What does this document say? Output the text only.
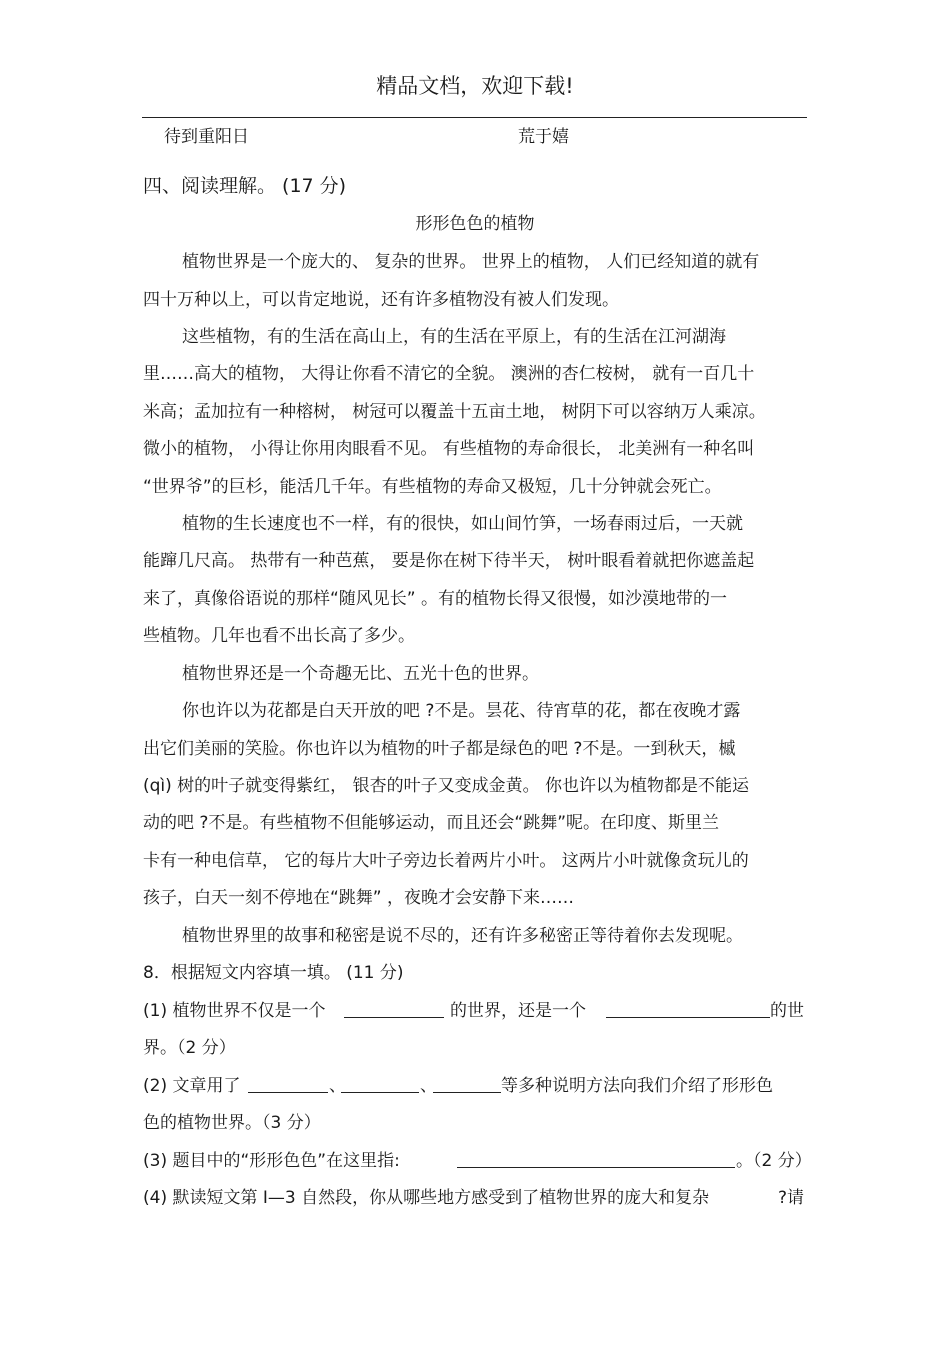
精品文档，欢迎下载!
待到重阳日	荒于嬉
四、阅读理解。 (17 分)
形形色色的植物
植物世界是一个庞大的、 复杂的世界。 世界上的植物， 人们已经知道的就有
四十万种以上，可以肯定地说，还有许多植物没有被人们发现。
这些植物，有的生活在高山上，有的生活在平原上，有的生活在江河湖海
里……高大的植物， 大得让你看不清它的全貌。 澳洲的杏仁桉树， 就有一百几十
米高；孟加拉有一种榕树， 树冠可以覆盖十五亩土地， 树阴下可以容纳万人乘凉。
微小的植物， 小得让你用肉眼看不见。 有些植物的寿命很长， 北美洲有一种名叫
“世界爷”的巨杉，能活几千年。有些植物的寿命又极短，几十分钟就会死亡。
植物的生长速度也不一样，有的很快，如山间竹笋，一场春雨过后，一天就
能蹿几尺高。 热带有一种芭蕉， 要是你在树下待半天， 树叶眼看着就把你遮盖起
来了，真像俗语说的那样“随风见长” 。有的植物长得又很慢，如沙漠地带的一
些植物。几年也看不出长高了多少。
植物世界还是一个奇趣无比、五光十色的世界。
你也许以为花都是白天开放的吧 ?不是。昙花、待宵草的花，都在夜晚才露
出它们美丽的笑脸。你也许以为植物的叶子都是绿色的吧 ?不是。一到秋天，槭
(qì) 树的叶子就变得紫红， 银杏的叶子又变成金黄。 你也许以为植物都是不能运
动的吧 ?不是。有些植物不但能够运动，而且还会“跳舞”呢。在印度、斯里兰
卡有一种电信草， 它的每片大叶子旁边长着两片小叶。 这两片小叶就像贪玩儿的
孩子，白天一刻不停地在“跳舞” ，夜晚才会安静下来……
植物世界里的故事和秘密是说不尽的，还有许多秘密正等待着你去发现呢。
8．根据短文内容填一填。 (11 分)
(1) 植物世界不仅是一个	的世界，还是一个	的世
界。（2 分）
(2) 文章用了	、	、	等多种说明方法向我们介绍了形形色
色的植物世界。（3 分）
(3) 题目中的“形形色色”在这里指:	。（2 分）
(4) 默读短文第 Ⅰ—3 自然段，你从哪些地方感受到了植物世界的庞大和复杂	?请
